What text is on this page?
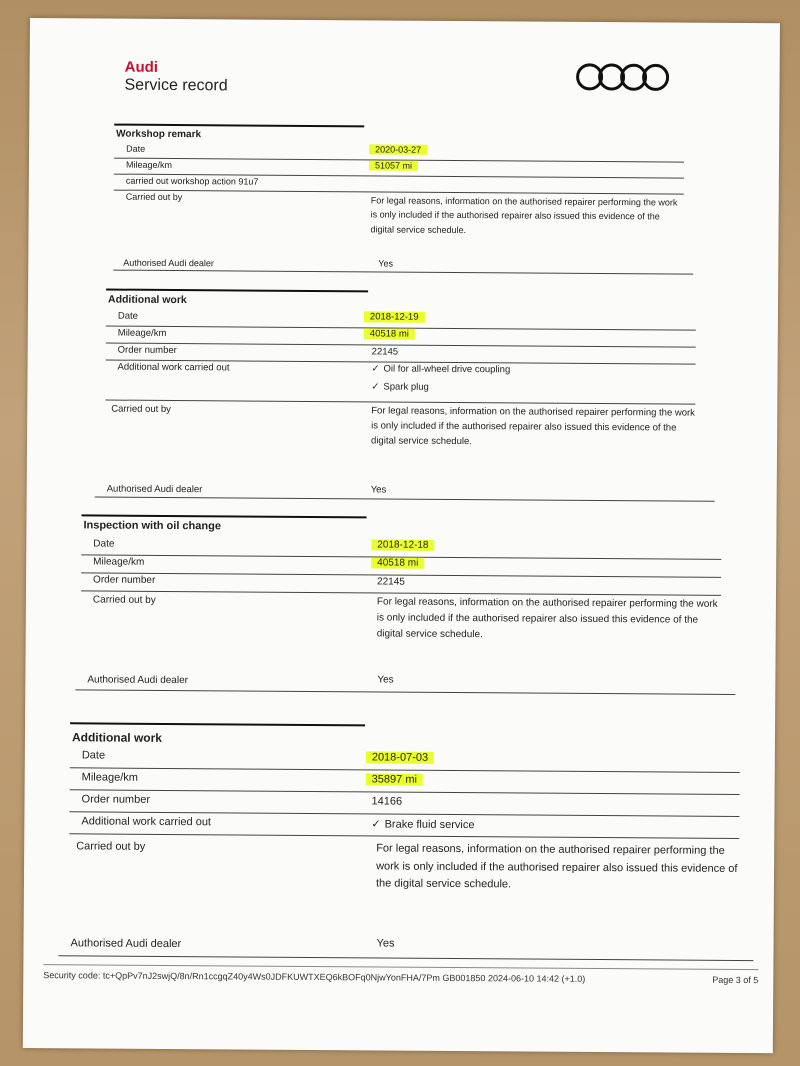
Audi
Service record
Workshop remark
Date	2020-03-27
Mileage/km	51057 mi
carried out workshop action 91u7
Carried out by	For legal reasons, information on the authorised repairer performing the work is only included if the authorised repairer also issued this evidence of the digital service schedule.
Authorised Audi dealer	Yes
Additional work
Date	2018-12-19
Mileage/km	40518 mi
Order number	22145
Additional work carried out	✓ Oil for all-wheel drive coupling
✓ Spark plug
Carried out by	For legal reasons, information on the authorised repairer performing the work is only included if the authorised repairer also issued this evidence of the digital service schedule.
Authorised Audi dealer	Yes
Inspection with oil change
Date	2018-12-18
Mileage/km	40518 mi
Order number	22145
Carried out by	For legal reasons, information on the authorised repairer performing the work is only included if the authorised repairer also issued this evidence of the digital service schedule.
Authorised Audi dealer	Yes
Additional work
Date	2018-07-03
Mileage/km	35897 mi
Order number	14166
Additional work carried out	✓ Brake fluid service
Carried out by	For legal reasons, information on the authorised repairer performing the work is only included if the authorised repairer also issued this evidence of the digital service schedule.
Authorised Audi dealer	Yes
Security code: tc+QpPv7nJ2swjQ/8n/Rn1ccgqZ40y4Ws0JDFKUWTXEQ6kBOFq0NjwYonFHA/7Pm GB001850 2024-06-10 14:42 (+1.0)	Page 3 of 5
